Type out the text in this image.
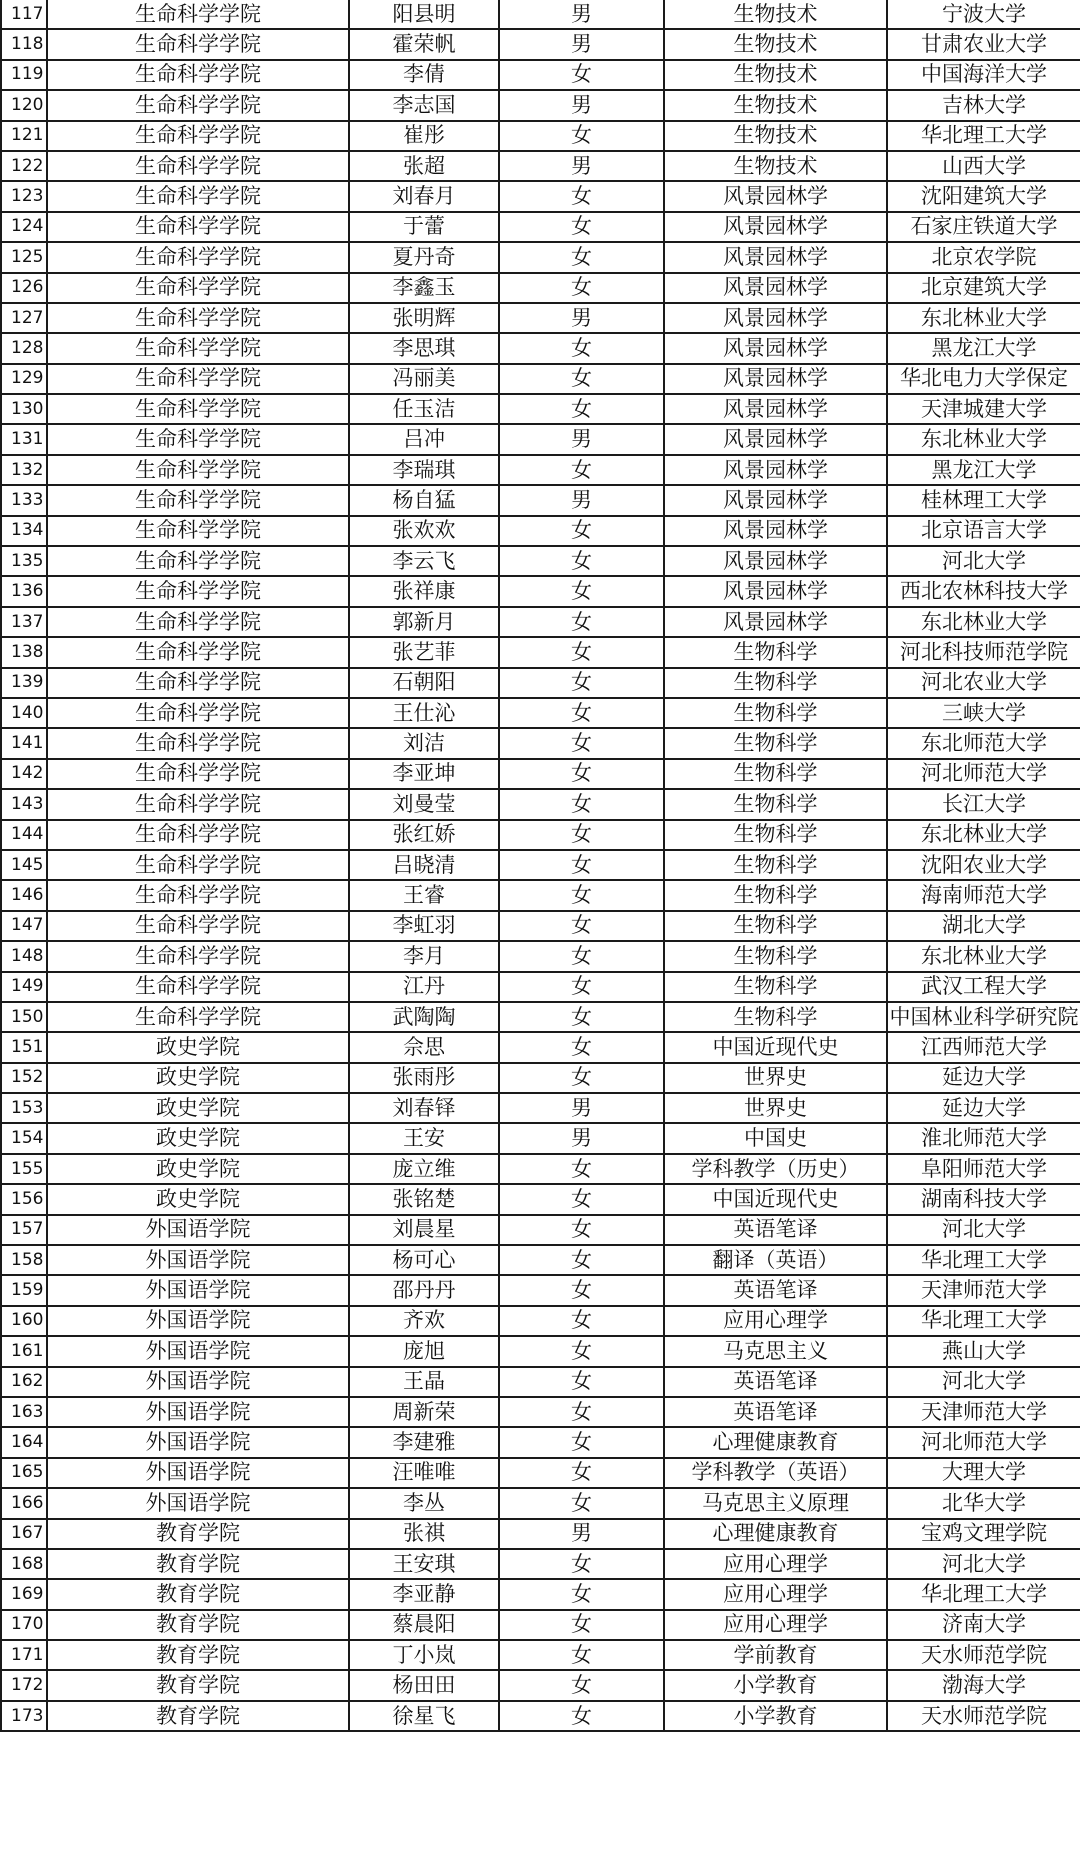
117	生命科学学院	阳县明	男	生物技术	宁波大学
118	生命科学学院	霍荣帆	男	生物技术	甘肃农业大学
119	生命科学学院	李倩	女	生物技术	中国海洋大学
120	生命科学学院	李志国	男	生物技术	吉林大学
121	生命科学学院	崔彤	女	生物技术	华北理工大学
122	生命科学学院	张超	男	生物技术	山西大学
123	生命科学学院	刘春月	女	风景园林学	沈阳建筑大学
124	生命科学学院	于蕾	女	风景园林学	石家庄铁道大学
125	生命科学学院	夏丹奇	女	风景园林学	北京农学院
126	生命科学学院	李鑫玉	女	风景园林学	北京建筑大学
127	生命科学学院	张明辉	男	风景园林学	东北林业大学
128	生命科学学院	李思琪	女	风景园林学	黑龙江大学
129	生命科学学院	冯丽美	女	风景园林学	华北电力大学保定
130	生命科学学院	任玉洁	女	风景园林学	天津城建大学
131	生命科学学院	吕冲	男	风景园林学	东北林业大学
132	生命科学学院	李瑞琪	女	风景园林学	黑龙江大学
133	生命科学学院	杨自猛	男	风景园林学	桂林理工大学
134	生命科学学院	张欢欢	女	风景园林学	北京语言大学
135	生命科学学院	李云飞	女	风景园林学	河北大学
136	生命科学学院	张祥康	女	风景园林学	西北农林科技大学
137	生命科学学院	郭新月	女	风景园林学	东北林业大学
138	生命科学学院	张艺菲	女	生物科学	河北科技师范学院
139	生命科学学院	石朝阳	女	生物科学	河北农业大学
140	生命科学学院	王仕沁	女	生物科学	三峡大学
141	生命科学学院	刘洁	女	生物科学	东北师范大学
142	生命科学学院	李亚坤	女	生物科学	河北师范大学
143	生命科学学院	刘曼莹	女	生物科学	长江大学
144	生命科学学院	张红娇	女	生物科学	东北林业大学
145	生命科学学院	吕晓清	女	生物科学	沈阳农业大学
146	生命科学学院	王睿	女	生物科学	海南师范大学
147	生命科学学院	李虹羽	女	生物科学	湖北大学
148	生命科学学院	李月	女	生物科学	东北林业大学
149	生命科学学院	江丹	女	生物科学	武汉工程大学
150	生命科学学院	武陶陶	女	生物科学	中国林业科学研究院
151	政史学院	佘思	女	中国近现代史	江西师范大学
152	政史学院	张雨彤	女	世界史	延边大学
153	政史学院	刘春铎	男	世界史	延边大学
154	政史学院	王安	男	中国史	淮北师范大学
155	政史学院	庞立维	女	学科教学（历史）	阜阳师范大学
156	政史学院	张铭楚	女	中国近现代史	湖南科技大学
157	外国语学院	刘晨星	女	英语笔译	河北大学
158	外国语学院	杨可心	女	翻译（英语）	华北理工大学
159	外国语学院	邵丹丹	女	英语笔译	天津师范大学
160	外国语学院	齐欢	女	应用心理学	华北理工大学
161	外国语学院	庞旭	女	马克思主义	燕山大学
162	外国语学院	王晶	女	英语笔译	河北大学
163	外国语学院	周新荣	女	英语笔译	天津师范大学
164	外国语学院	李建雅	女	心理健康教育	河北师范大学
165	外国语学院	汪唯唯	女	学科教学（英语）	大理大学
166	外国语学院	李丛	女	马克思主义原理	北华大学
167	教育学院	张祺	男	心理健康教育	宝鸡文理学院
168	教育学院	王安琪	女	应用心理学	河北大学
169	教育学院	李亚静	女	应用心理学	华北理工大学
170	教育学院	蔡晨阳	女	应用心理学	济南大学
171	教育学院	丁小岚	女	学前教育	天水师范学院
172	教育学院	杨田田	女	小学教育	渤海大学
173	教育学院	徐星飞	女	小学教育	天水师范学院
